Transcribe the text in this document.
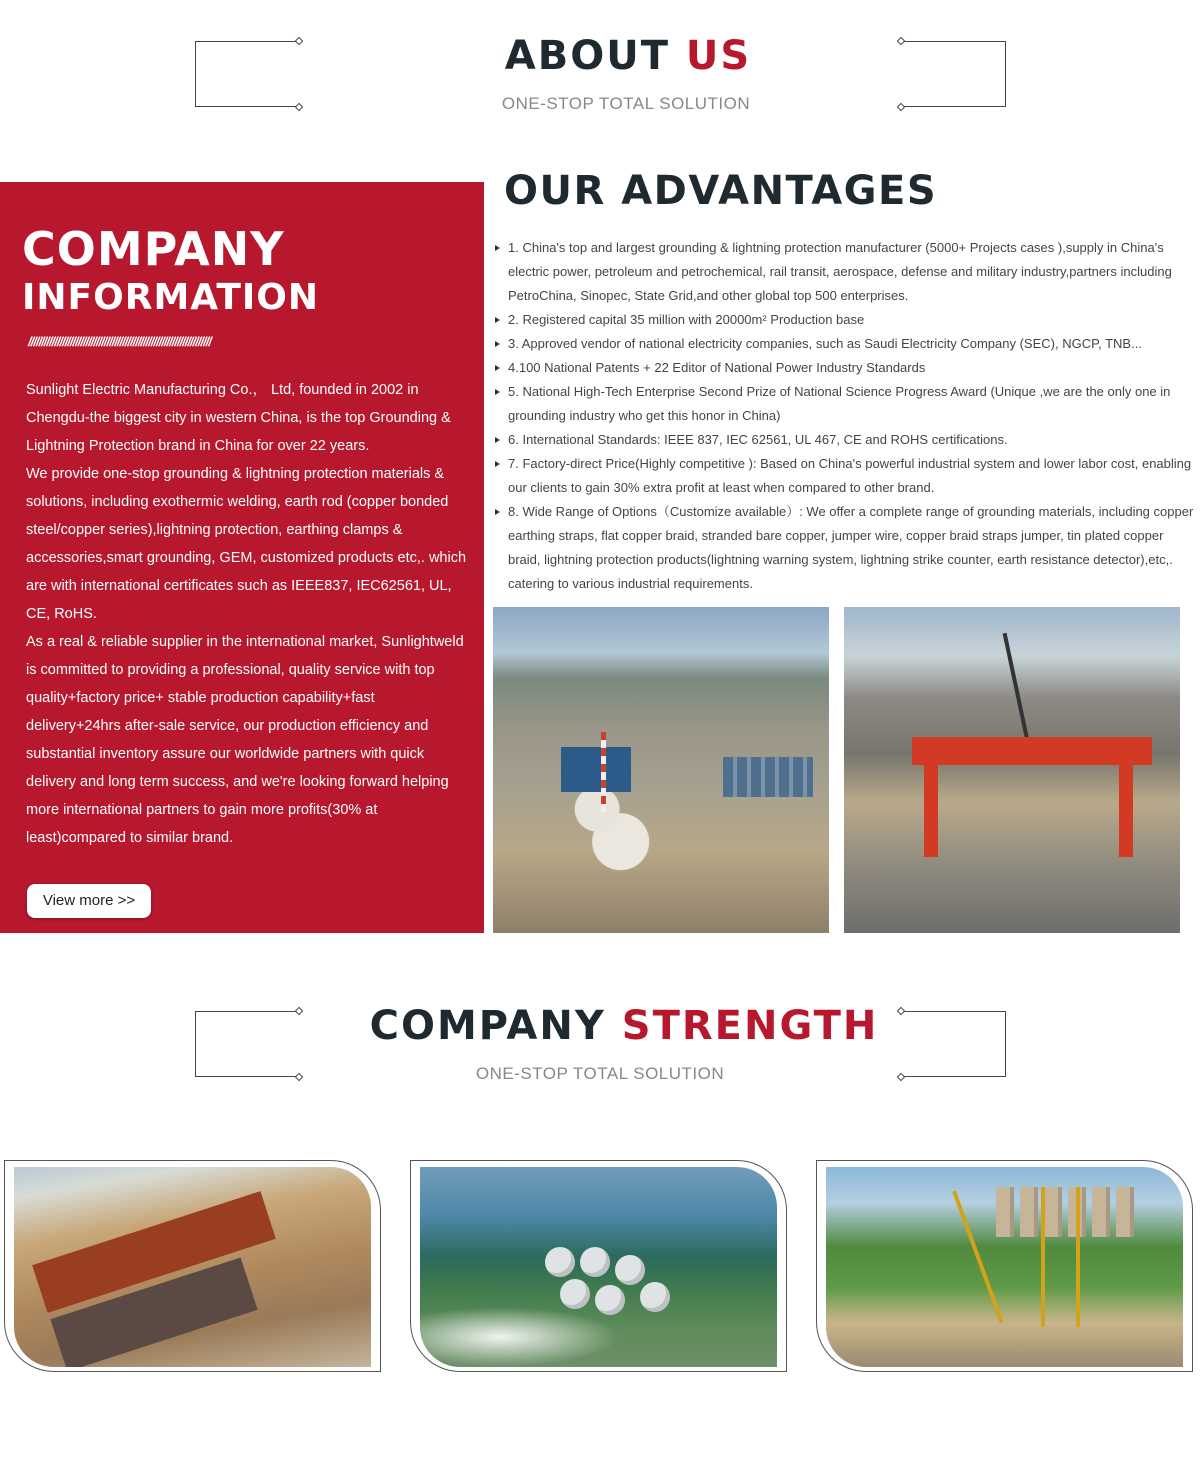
ABOUT US
ONE-STOP TOTAL SOLUTION
COMPANY
INFORMATION
//////////////////////////////////////////////////////////////////////

Sunlight Electric Manufacturing Co.， Ltd, founded in 2002 in Chengdu-the biggest city in western China, is the top Grounding & Lightning Protection brand in China for over 22 years.

We provide one-stop grounding & lightning protection materials & solutions, including exothermic welding, earth rod (copper bonded steel/copper series),lightning protection, earthing clamps & accessories,smart grounding, GEM, customized products etc,. which are with international certificates such as IEEE837, IEC62561, UL, CE, RoHS.

As a real & reliable supplier in the international market, Sunlightweld is committed to providing a professional, quality service with top quality+factory price+ stable production capability+fast delivery+24hrs after-sale service, our production efficiency and substantial inventory assure our worldwide partners with quick delivery and long term success, and we're looking forward helping more international partners to gain more profits(30% at least)compared to similar brand.

View more >>
OUR ADVANTAGES
1. China's top and largest grounding & lightning protection manufacturer (5000+ Projects cases ),supply in China's electric power, petroleum and petrochemical, rail transit, aerospace, defense and military industry,partners including PetroChina, Sinopec, State Grid,and other global top 500 enterprises.
2. Registered capital 35 million with 20000m² Production base
3. Approved vendor of national electricity companies, such as Saudi Electricity Company (SEC), NGCP, TNB...
4.100 National Patents + 22 Editor of National Power Industry Standards
5. National High-Tech Enterprise Second Prize of National Science Progress Award (Unique ,we are the only one in grounding industry who get this honor in China)
6. International Standards: IEEE 837, IEC 62561, UL 467, CE and ROHS certifications.
7. Factory-direct Price(Highly competitive ): Based on China's powerful industrial system and lower labor cost, enabling our clients to gain 30% extra profit at least when compared to other brand.
8. Wide Range of Options（Customize available）: We offer a complete range of grounding materials, including copper earthing straps, flat copper braid, stranded bare copper, jumper wire, copper braid straps jumper, tin plated copper braid, lightning protection products(lightning warning system, lightning strike counter, earth resistance detector),etc,. catering to various industrial requirements.
COMPANY STRENGTH
ONE-STOP TOTAL SOLUTION
